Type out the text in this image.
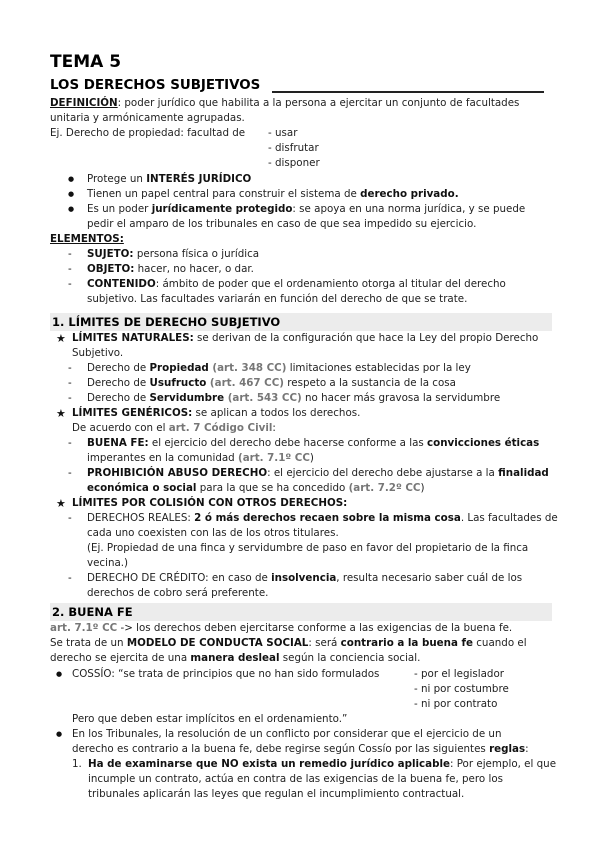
TEMA 5
LOS DERECHOS SUBJETIVOS
DEFINICIÓN: poder jurídico que habilita a la persona a ejercitar un conjunto de facultades
unitaria y armónicamente agrupadas.
Ej. Derecho de propiedad: facultad de - usar
- disfrutar
- disponer
● Protege un INTERÉS JURÍDICO
● Tienen un papel central para construir el sistema de derecho privado.
● Es un poder jurídicamente protegido: se apoya en una norma jurídica, y se puede
pedir el amparo de los tribunales en caso de que sea impedido su ejercicio.
ELEMENTOS:
- SUJETO: persona física o jurídica
- OBJETO: hacer, no hacer, o dar.
- CONTENIDO: ámbito de poder que el ordenamiento otorga al titular del derecho
subjetivo. Las facultades variarán en función del derecho de que se trate.
1. LÍMITES DE DERECHO SUBJETIVO
★ LÍMITES NATURALES: se derivan de la configuración que hace la Ley del propio Derecho
Subjetivo.
- Derecho de Propiedad (art. 348 CC) limitaciones establecidas por la ley
- Derecho de Usufructo (art. 467 CC) respeto a la sustancia de la cosa
- Derecho de Servidumbre (art. 543 CC) no hacer más gravosa la servidumbre
★ LÍMITES GENÉRICOS: se aplican a todos los derechos.
De acuerdo con el art. 7 Código Civil:
- BUENA FE: el ejercicio del derecho debe hacerse conforme a las convicciones éticas
imperantes en la comunidad (art. 7.1º CC)
- PROHIBICIÓN ABUSO DERECHO: el ejercicio del derecho debe ajustarse a la finalidad
económica o social para la que se ha concedido (art. 7.2º CC)
★ LÍMITES POR COLISIÓN CON OTROS DERECHOS:
- DERECHOS REALES: 2 ó más derechos recaen sobre la misma cosa. Las facultades de
cada uno coexisten con las de los otros titulares.
(Ej. Propiedad de una finca y servidumbre de paso en favor del propietario de la finca
vecina.)
- DERECHO DE CRÉDITO: en caso de insolvencia, resulta necesario saber cuál de los
derechos de cobro será preferente.
2. BUENA FE
art. 7.1º CC -> los derechos deben ejercitarse conforme a las exigencias de la buena fe.
Se trata de un MODELO DE CONDUCTA SOCIAL: será contrario a la buena fe cuando el
derecho se ejercita de una manera desleal según la conciencia social.
● COSSÍO: “se trata de principios que no han sido formulados	- por el legislador
- ni por costumbre
- ni por contrato
Pero que deben estar implícitos en el ordenamiento.”
● En los Tribunales, la resolución de un conflicto por considerar que el ejercicio de un
derecho es contrario a la buena fe, debe regirse según Cossío por las siguientes reglas:
1. Ha de examinarse que NO exista un remedio jurídico aplicable: Por ejemplo, el que
incumple un contrato, actúa en contra de las exigencias de la buena fe, pero los
tribunales aplicarán las leyes que regulan el incumplimiento contractual.
